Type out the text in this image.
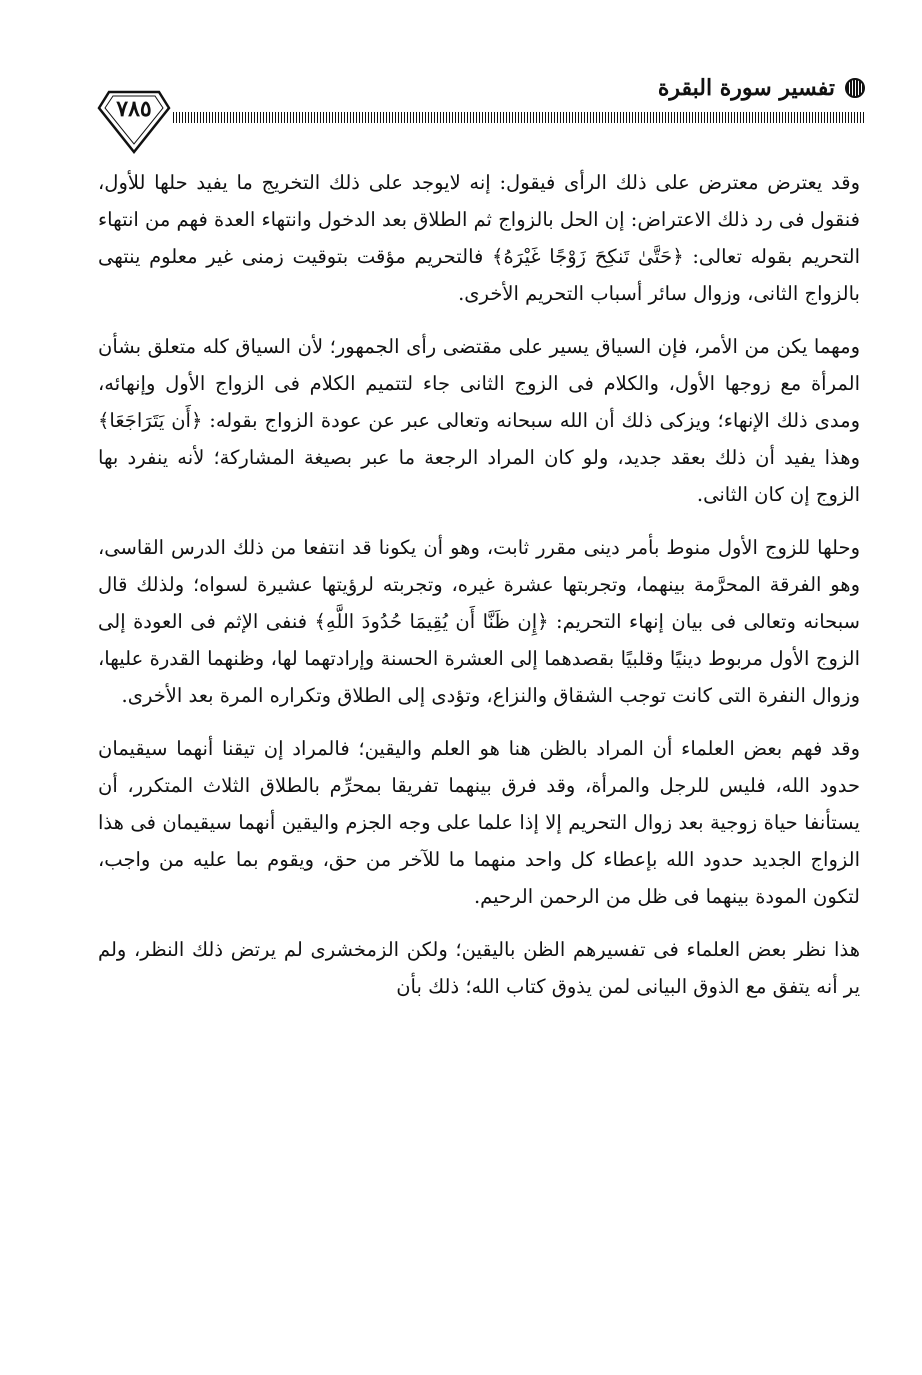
تفسير سورة البقرة
٧٨٥

وقد يعترض معترض على ذلك الرأى فيقول: إنه لايوجد على ذلك التخريج ما يفيد حلها للأول، فنقول فى رد ذلك الاعتراض: إن الحل بالزواج ثم الطلاق بعد الدخول وانتهاء العدة فهم من انتهاء التحريم بقوله تعالى: ﴿حَتَّىٰ تَنكِحَ زَوْجًا غَيْرَهُ﴾ فالتحريم مؤقت بتوقيت زمنى غير معلوم ينتهى بالزواج الثانى، وزوال سائر أسباب التحريم الأخرى.

ومهما يكن من الأمر، فإن السياق يسير على مقتضى رأى الجمهور؛ لأن السياق كله متعلق بشأن المرأة مع زوجها الأول، والكلام فى الزوج الثانى جاء لتتميم الكلام فى الزواج الأول وإنهائه، ومدى ذلك الإنهاء؛ ويزكى ذلك أن الله سبحانه وتعالى عبر عن عودة الزواج بقوله: ﴿أَن يَتَرَاجَعَا﴾ وهذا يفيد أن ذلك بعقد جديد، ولو كان المراد الرجعة ما عبر بصيغة المشاركة؛ لأنه ينفرد بها الزوج إن كان الثانى.

وحلها للزوج الأول منوط بأمر دينى مقرر ثابت، وهو أن يكونا قد انتفعا من ذلك الدرس القاسى، وهو الفرقة المحرَّمة بينهما، وتجربتها عشرة غيره، وتجربته لرؤيتها عشيرة لسواه؛ ولذلك قال سبحانه وتعالى فى بيان إنهاء التحريم: ﴿إِن ظَنَّا أَن يُقِيمَا حُدُودَ اللَّهِ﴾ فنفى الإثم فى العودة إلى الزوج الأول مربوط دينيًا وقلبيًا بقصدهما إلى العشرة الحسنة وإرادتهما لها، وظنهما القدرة عليها، وزوال النفرة التى كانت توجب الشقاق والنزاع، وتؤدى إلى الطلاق وتكراره المرة بعد الأخرى.

وقد فهم بعض العلماء أن المراد بالظن هنا هو العلم واليقين؛ فالمراد إن تيقنا أنهما سيقيمان حدود الله، فليس للرجل والمرأة، وقد فرق بينهما تفريقا بمحرِّم بالطلاق الثلاث المتكرر، أن يستأنفا حياة زوجية بعد زوال التحريم إلا إذا علما على وجه الجزم واليقين أنهما سيقيمان فى هذا الزواج الجديد حدود الله بإعطاء كل واحد منهما ما للآخر من حق، ويقوم بما عليه من واجب، لتكون المودة بينهما فى ظل من الرحمن الرحيم.

هذا نظر بعض العلماء فى تفسيرهم الظن باليقين؛ ولكن الزمخشرى لم يرتض ذلك النظر، ولم ير أنه يتفق مع الذوق البيانى لمن يذوق كتاب الله؛ ذلك بأن
